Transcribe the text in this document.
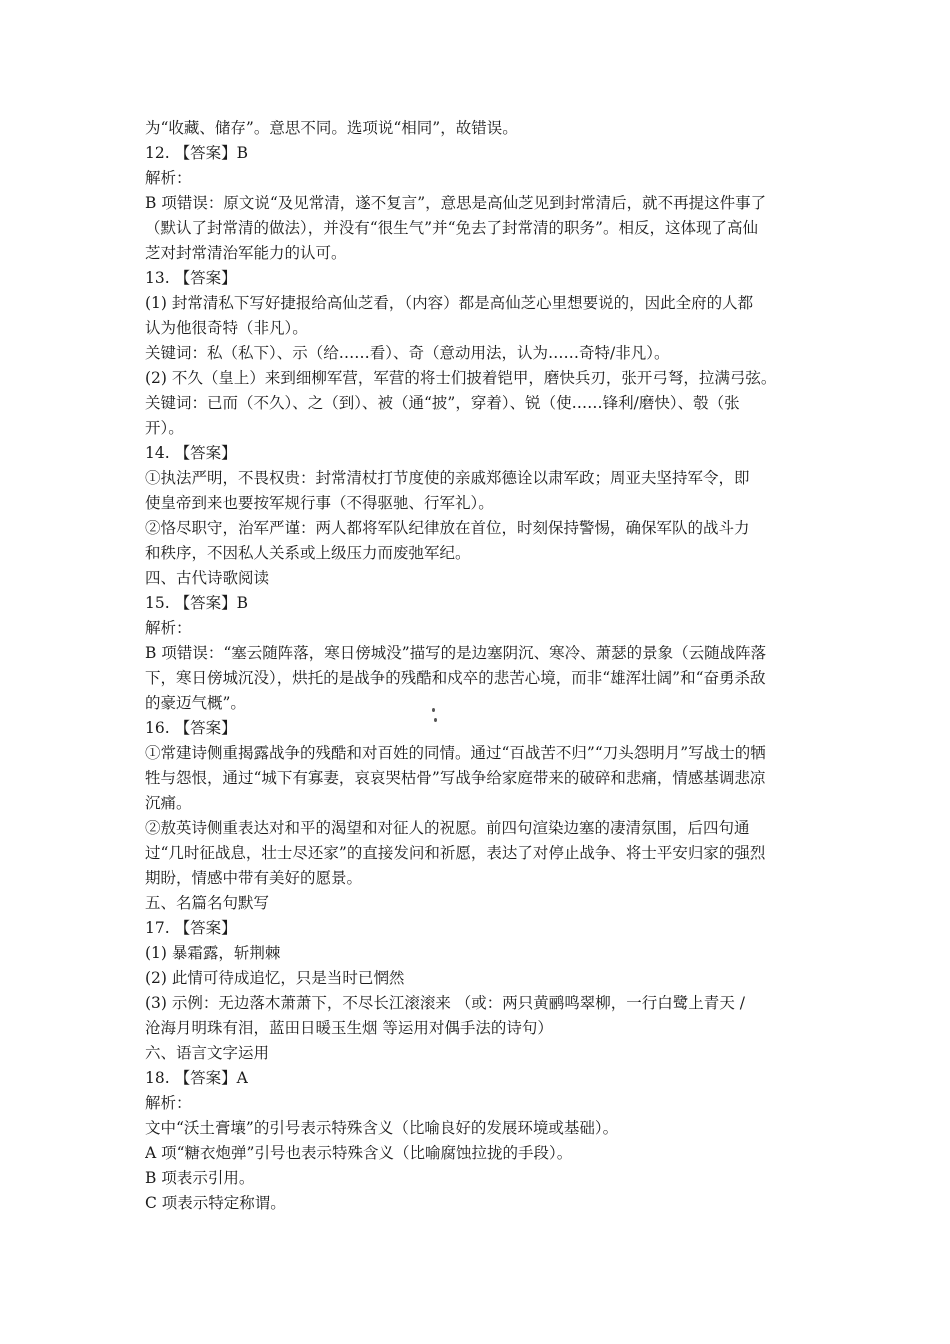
为“收藏、储存”。意思不同。选项说“相同”，故错误。
12. 【答案】B
解析：
B 项错误：原文说“及见常清，遂不复言”，意思是高仙芝见到封常清后，就不再提这件事了
（默认了封常清的做法），并没有“很生气”并“免去了封常清的职务”。相反，这体现了高仙
芝对封常清治军能力的认可。
13. 【答案】
(1) 封常清私下写好捷报给高仙芝看，（内容）都是高仙芝心里想要说的，因此全府的人都
认为他很奇特（非凡）。
关键词：私（私下）、示（给……看）、奇（意动用法，认为……奇特/非凡）。
(2) 不久（皇上）来到细柳军营，军营的将士们披着铠甲，磨快兵刃，张开弓弩，拉满弓弦。
关键词：已而（不久）、之（到）、被（通“披”，穿着）、锐（使……锋利/磨快）、彀（张
开）。
14. 【答案】
①执法严明，不畏权贵：封常清杖打节度使的亲戚郑德诠以肃军政；周亚夫坚持军令，即
使皇帝到来也要按军规行事（不得驱驰、行军礼）。
②恪尽职守，治军严谨：两人都将军队纪律放在首位，时刻保持警惕，确保军队的战斗力
和秩序，不因私人关系或上级压力而废弛军纪。
四、古代诗歌阅读
15. 【答案】B
解析：
B 项错误：“塞云随阵落，寒日傍城没”描写的是边塞阴沉、寒冷、萧瑟的景象（云随战阵落
下，寒日傍城沉没），烘托的是战争的残酷和戍卒的悲苦心境，而非“雄浑壮阔”和“奋勇杀敌
的豪迈气概”。
16. 【答案】
①常建诗侧重揭露战争的残酷和对百姓的同情。通过“百战苦不归”“刀头怨明月”写战士的牺
牲与怨恨，通过“城下有寡妻，哀哀哭枯骨”写战争给家庭带来的破碎和悲痛，情感基调悲凉
沉痛。
②敖英诗侧重表达对和平的渴望和对征人的祝愿。前四句渲染边塞的凄清氛围，后四句通
过“几时征战息，壮士尽还家”的直接发问和祈愿，表达了对停止战争、将士平安归家的强烈
期盼，情感中带有美好的愿景。
五、名篇名句默写
17. 【答案】
(1) 暴霜露，斩荆棘
(2) 此情可待成追忆，只是当时已惘然
(3) 示例：无边落木萧萧下，不尽长江滚滚来 （或：两只黄鹂鸣翠柳，一行白鹭上青天 /
沧海月明珠有泪，蓝田日暖玉生烟 等运用对偶手法的诗句）
六、语言文字运用
18. 【答案】A
解析：
文中“沃土膏壤”的引号表示特殊含义（比喻良好的发展环境或基础）。
A 项“糖衣炮弹”引号也表示特殊含义（比喻腐蚀拉拢的手段）。
B 项表示引用。
C 项表示特定称谓。
